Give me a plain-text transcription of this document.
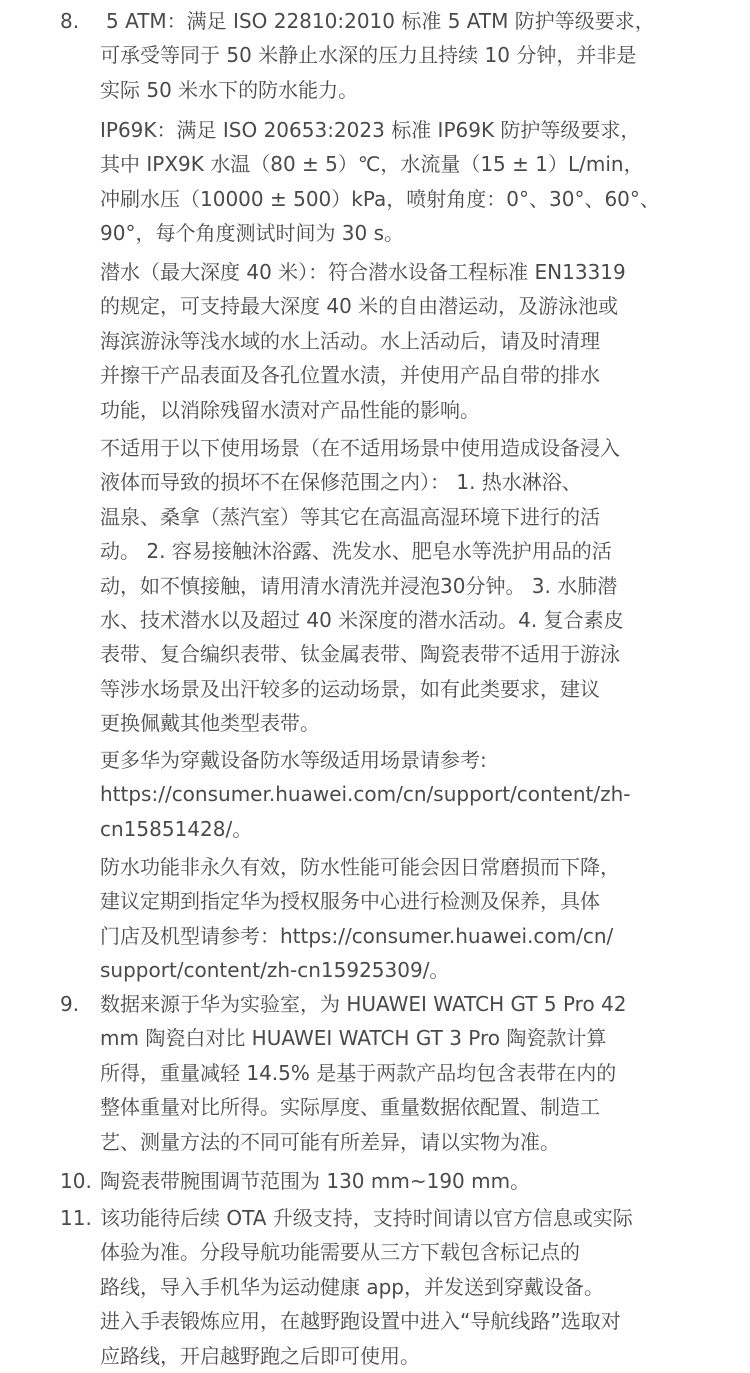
8. 5 ATM：满足 ISO 22810:2010 标准 5 ATM 防护等级要求，
可承受等同于 50 米静止水深的压力且持续 10 分钟，并非是
实际 50 米水下的防水能力。
IP69K：满足 ISO 20653:2023 标准 IP69K 防护等级要求，
其中 IPX9K 水温（80 ± 5）℃，水流量（15 ± 1）L/min，
冲刷水压（10000 ± 500）kPa，喷射角度：0°、30°、60°、
90°，每个角度测试时间为 30 s。
潜水（最大深度 40 米）：符合潜水设备工程标准 EN13319
的规定，可支持最大深度 40 米的自由潜运动，及游泳池或
海滨游泳等浅水域的水上活动。水上活动后，请及时清理
并擦干产品表面及各孔位置水渍，并使用产品自带的排水
功能，以消除残留水渍对产品性能的影响。
不适用于以下使用场景（在不适用场景中使用造成设备浸入
液体而导致的损坏不在保修范围之内）： 1. 热水淋浴、
温泉、桑拿（蒸汽室）等其它在高温高湿环境下进行的活
动。 2. 容易接触沐浴露、洗发水、肥皂水等洗护用品的活
动，如不慎接触，请用清水清洗并浸泡30分钟。 3. 水肺潜
水、技术潜水以及超过 40 米深度的潜水活动。4. 复合素皮
表带、复合编织表带、钛金属表带、陶瓷表带不适用于游泳
等涉水场景及出汗较多的运动场景，如有此类要求，建议
更换佩戴其他类型表带。
更多华为穿戴设备防水等级适用场景请参考:
https://consumer.huawei.com/cn/support/content/zh-
cn15851428/。
防水功能非永久有效，防水性能可能会因日常磨损而下降，
建议定期到指定华为授权服务中心进行检测及保养，具体
门店及机型请参考：https://consumer.huawei.com/cn/
support/content/zh-cn15925309/。
9. 数据来源于华为实验室，为 HUAWEI WATCH GT 5 Pro 42
mm 陶瓷白对比 HUAWEI WATCH GT 3 Pro 陶瓷款计算
所得，重量减轻 14.5% 是基于两款产品均包含表带在内的
整体重量对比所得。实际厚度、重量数据依配置、制造工
艺、测量方法的不同可能有所差异，请以实物为准。
10. 陶瓷表带腕围调节范围为 130 mm~190 mm。
11. 该功能待后续 OTA 升级支持，支持时间请以官方信息或实际
体验为准。分段导航功能需要从三方下载包含标记点的
路线，导入手机华为运动健康 app，并发送到穿戴设备。
进入手表锻炼应用，在越野跑设置中进入“导航线路”选取对
应路线，开启越野跑之后即可使用。
